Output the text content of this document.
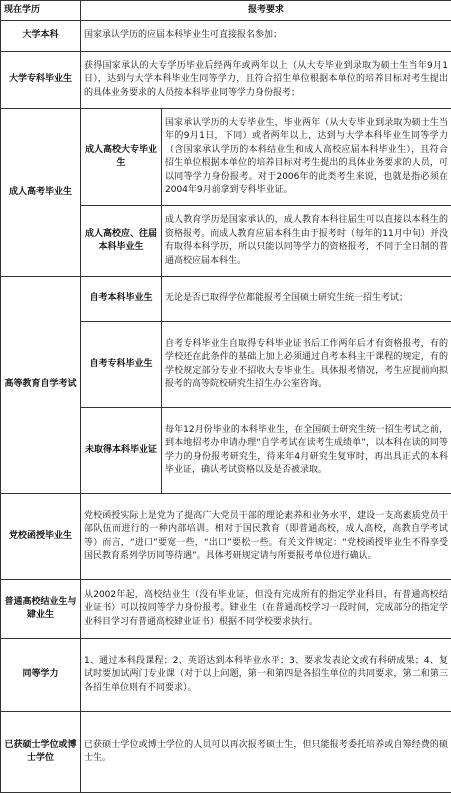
现在学历	报考要求	
大学本科	国家承认学历的应届本科毕业生可直接报名参加；	
大学专科毕业生	获得国家承认的大专学历毕业后经两年或两年以上（从大专毕业到录取为硕士生当年9月1日），达到与大学本科毕业生同等学力，且符合招生单位根据本单位的培养目标对考生提出的具体业务要求的人员按本科毕业同等学力身份报考；	
成人高考毕业生	成人高校大专毕业生	国家承认学历的大专毕业生，毕业两年（从大专毕业到录取为硕士生当年的9月1日，下同）或者两年以上，达到与大学本科毕业生同等学力（含国家承认学历的本科结业生和成人高校应届本科毕业生），且符合招生单位根据本单位的培养目标对考生提出的具体业务要求的人员，可以同等学力身份报考。对于2006年的此类考生来说，也就是指必须在2004年9月前拿到专科毕业证。
	成人高校应、往届本科毕业生	成人教育学历是国家承认的，成人教育本科往届生可以直接以本科生的资格报考。而成人教育应届本科生由于报考时（每年的11月中旬）并没有取得本科学历，所以只能以同等学力的资格报考，不同于全日制的普通高校应届本科生。
高等教育自学考试	自考本科毕业生	无论是否已取得学位都能报考全国硕士研究生统一招生考试；
	自考专科毕业生	自考专科毕业生自取得专科毕业证书后工作两年后才有资格报考，有的学校还在此条件的基础上加上必须通过自考本科主干课程的规定，有的学校规定部分专业不招收大专毕业生。具体报考情况，考生应提前向拟报考的高等院校研究生招生办公室咨询。
	未取得本科毕业证	每年12月份毕业的本科毕业生，在全国硕士研究生统一招生考试之前，到本地招考办申请办理“自学考试在读考生成绩单”，以本科在读的同等学力的身份报考研究生，待来年4月研究生复审时，再出具正式的本科毕业证，确认考试资格以及是否被录取。
党校函授毕业生	党校函授实际上是党为了提高广大党员干部的理论素养和业务水平，建设一支高素质党员干部队伍而进行的一种内部培训。相对于国民教育（即普通高校，成人高校，高教自学考试等）而言，“进口”要宽一些，“出口”要松一些。有关文件规定：“党校函授毕业生不得享受国民教育系列学历同等待遇”。具体考研规定请与所要报考单位进行确认。	
普通高校结业生与肄业生	从2002年起，高校结业生（没有毕业证，但没有完成所有的指定学业科目，有普通高校结业证书）可以按同等学力身份报考。肄业生（在普通高校学习一段时间，完成部分的指定学业科目学习有普通高校肄业证书）根据不同学校要求执行。	
同等学力	1、通过本科段课程；2、英语达到本科毕业水平；3、要求发表论文或有科研成果；4、复试时要加试两门专业课（对于以上问题，第一和第四是各招生单位的共同要求，第二和第三各招生单位则有不同要求）。	
已获硕士学位或博士学位	已获硕士学位或博士学位的人员可以再次报考硕士生，但只能报考委托培养或自筹经费的硕士生。	
